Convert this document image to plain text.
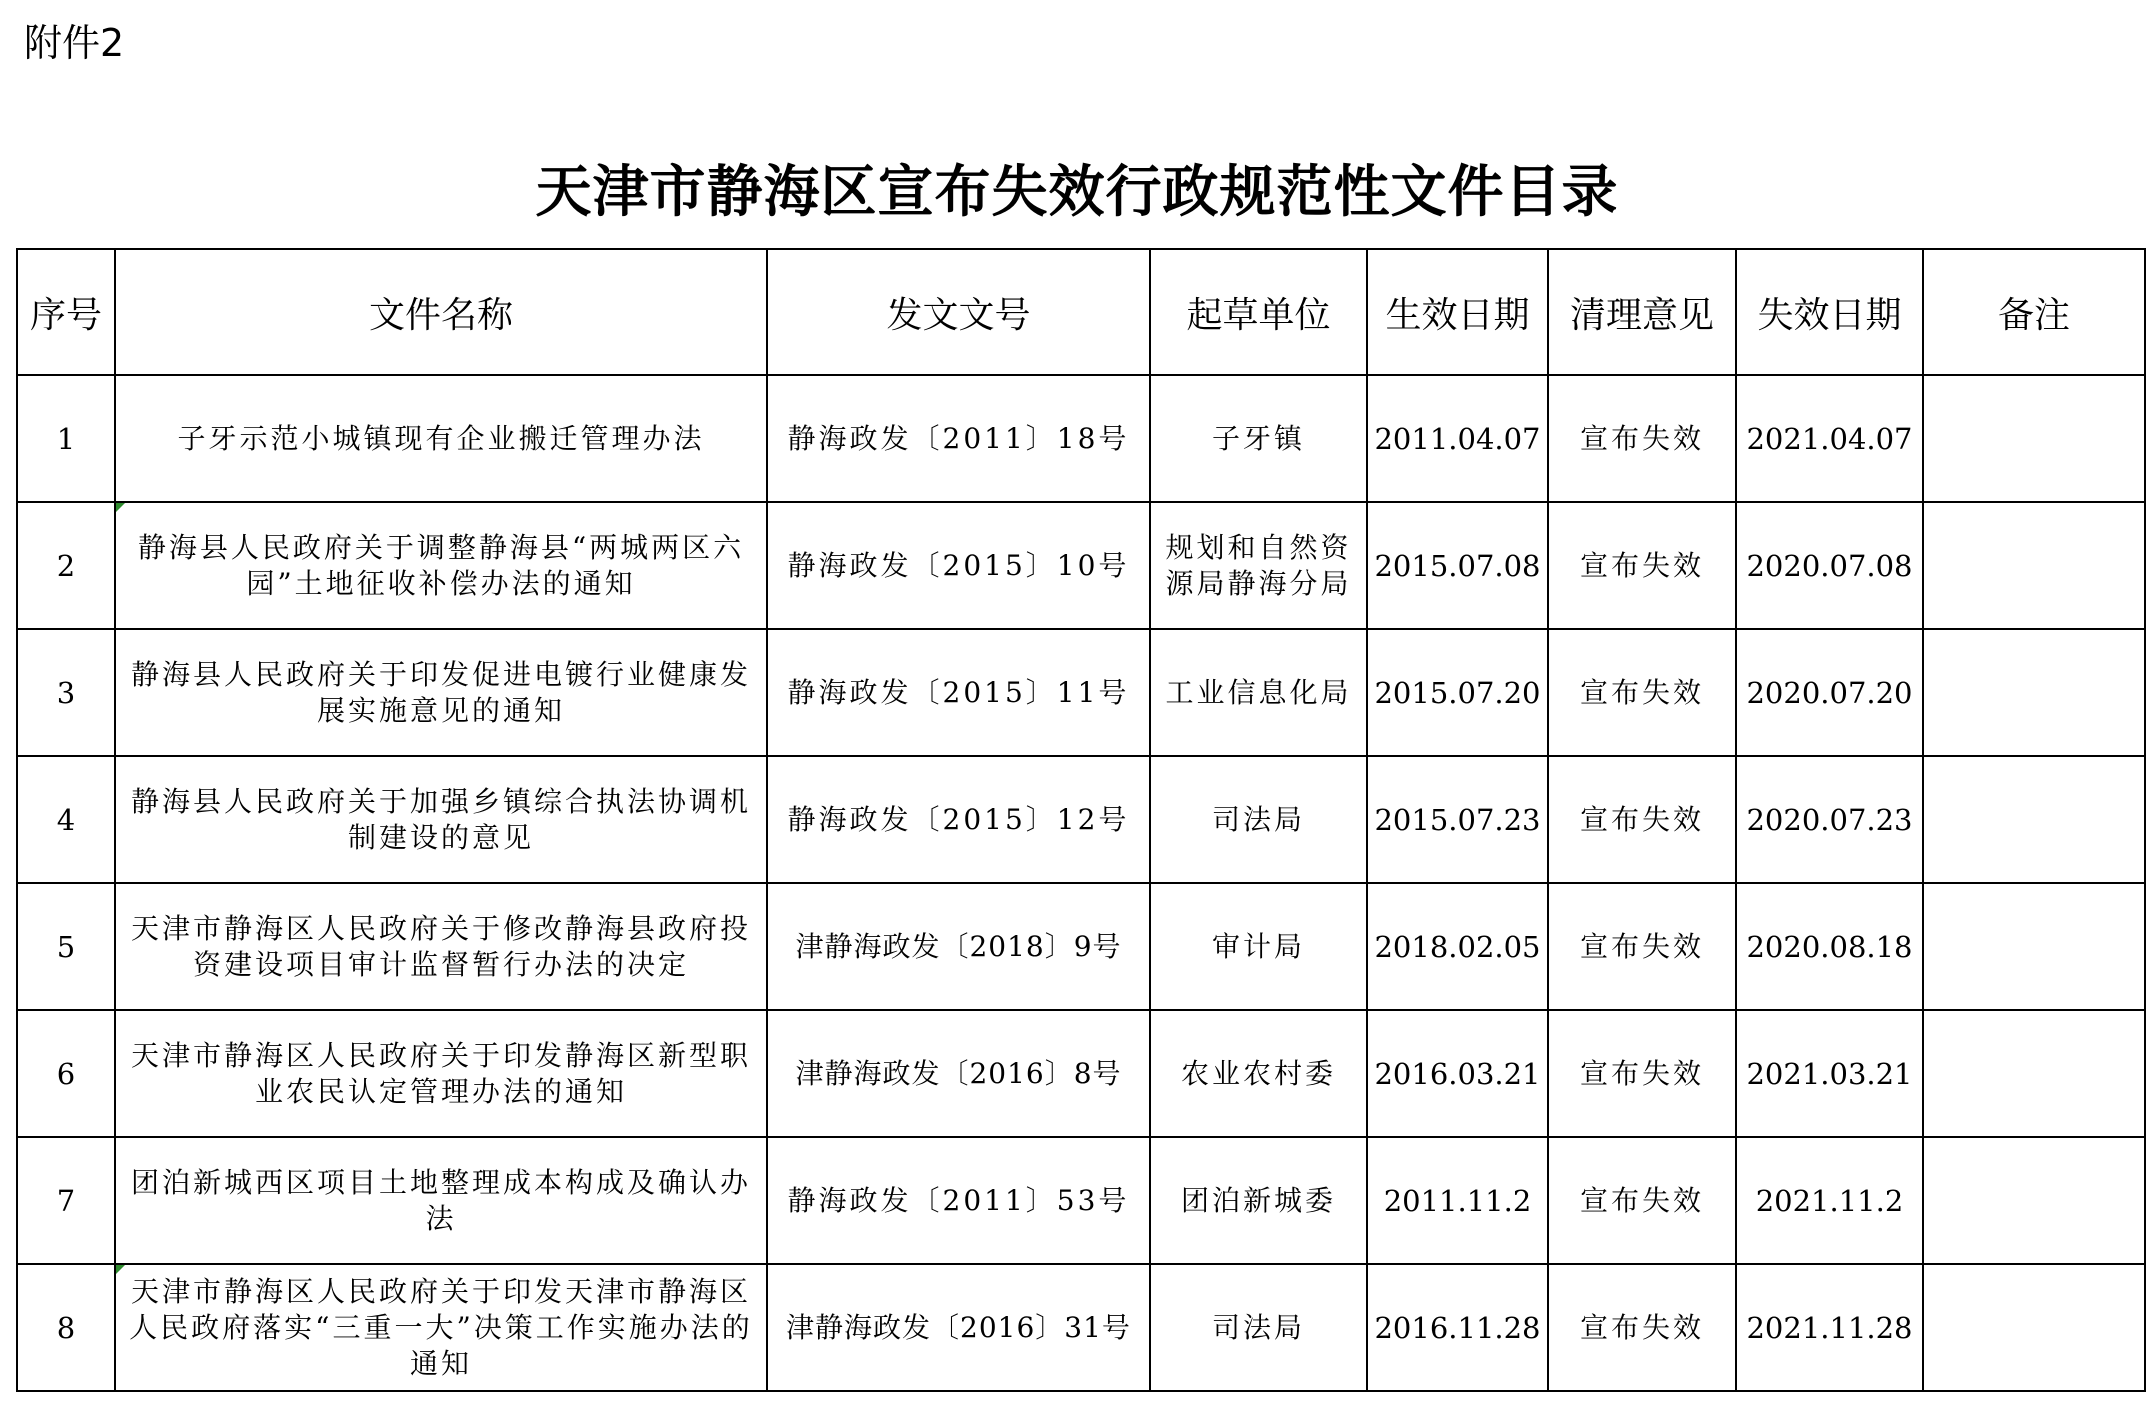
附件2
天津市静海区宣布失效行政规范性文件目录
序号	文件名称	发文文号	起草单位	生效日期	清理意见	失效日期	备注
1	子牙示范小城镇现有企业搬迁管理办法	静海政发〔2011〕18号	子牙镇	2011.04.07	宣布失效	2021.04.07	
2	静海县人民政府关于调整静海县“两城两区六园”土地征收补偿办法的通知	静海政发〔2015〕10号	规划和自然资源局静海分局	2015.07.08	宣布失效	2020.07.08	
3	静海县人民政府关于印发促进电镀行业健康发展实施意见的通知	静海政发〔2015〕11号	工业信息化局	2015.07.20	宣布失效	2020.07.20	
4	静海县人民政府关于加强乡镇综合执法协调机制建设的意见	静海政发〔2015〕12号	司法局	2015.07.23	宣布失效	2020.07.23	
5	天津市静海区人民政府关于修改静海县政府投资建设项目审计监督暂行办法的决定	津静海政发〔2018〕9号	审计局	2018.02.05	宣布失效	2020.08.18	
6	天津市静海区人民政府关于印发静海区新型职业农民认定管理办法的通知	津静海政发〔2016〕8号	农业农村委	2016.03.21	宣布失效	2021.03.21	
7	团泊新城西区项目土地整理成本构成及确认办法	静海政发〔2011〕53号	团泊新城委	2011.11.2	宣布失效	2021.11.2	
8	天津市静海区人民政府关于印发天津市静海区人民政府落实“三重一大”决策工作实施办法的通知	津静海政发〔2016〕31号	司法局	2016.11.28	宣布失效	2021.11.28	
